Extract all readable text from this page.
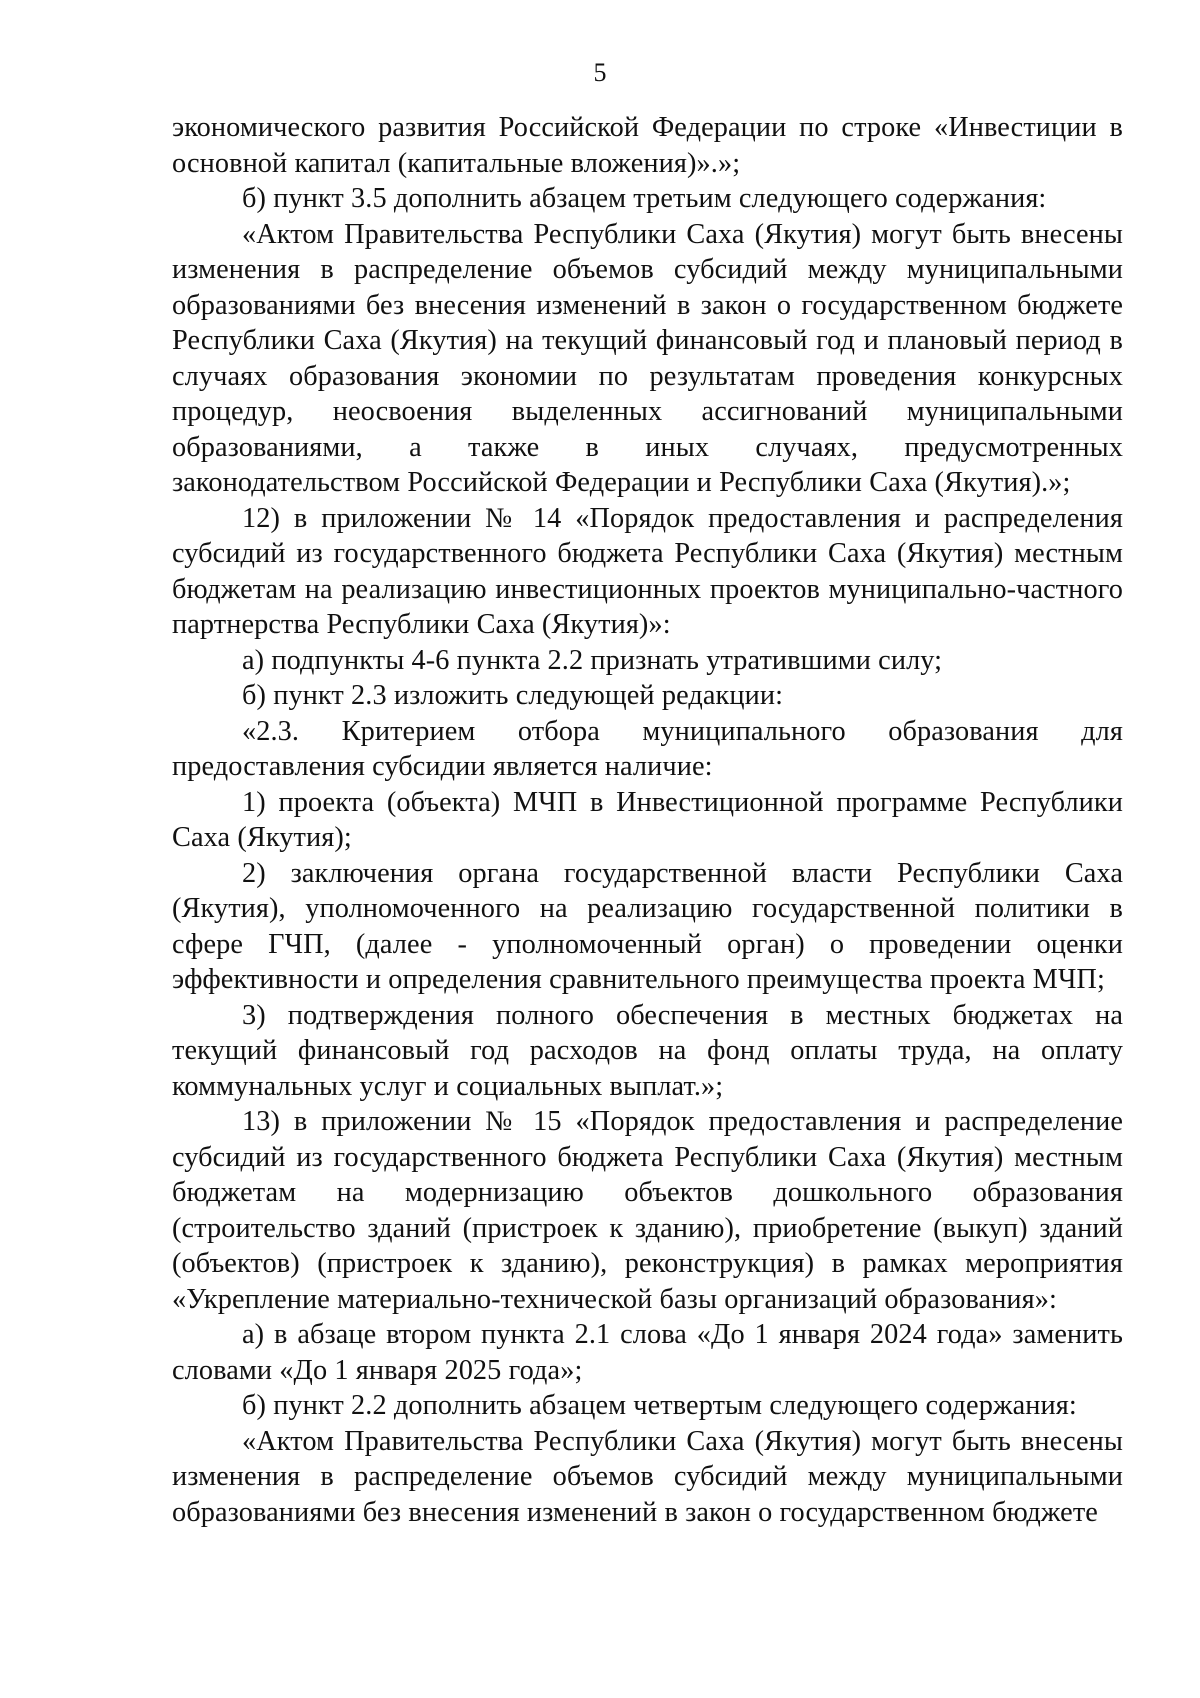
5

экономического развития Российской Федерации по строке «Инвестиции в основной капитал (капитальные вложения)».»;

б) пункт 3.5 дополнить абзацем третьим следующего содержания:

«Актом Правительства Республики Саха (Якутия) могут быть внесены изменения в распределение объемов субсидий между муниципальными образованиями без внесения изменений в закон о государственном бюджете Республики Саха (Якутия) на текущий финансовый год и плановый период в случаях образования экономии по результатам проведения конкурсных процедур, неосвоения выделенных ассигнований муниципальными образованиями, а также в иных случаях, предусмотренных законодательством Российской Федерации и Республики Саха (Якутия).»;

12) в приложении № 14 «Порядок предоставления и распределения субсидий из государственного бюджета Республики Саха (Якутия) местным бюджетам на реализацию инвестиционных проектов муниципально-частного партнерства Республики Саха (Якутия)»:

а) подпункты 4-6 пункта 2.2 признать утратившими силу;

б) пункт 2.3 изложить следующей редакции:

«2.3. Критерием отбора муниципального образования для предоставления субсидии является наличие:

1) проекта (объекта) МЧП в Инвестиционной программе Республики Саха (Якутия);

2) заключения органа государственной власти Республики Саха (Якутия), уполномоченного на реализацию государственной политики в сфере ГЧП, (далее - уполномоченный орган) о проведении оценки эффективности и определения сравнительного преимущества проекта МЧП;

3) подтверждения полного обеспечения в местных бюджетах на текущий финансовый год расходов на фонд оплаты труда, на оплату коммунальных услуг и социальных выплат.»;

13) в приложении № 15 «Порядок предоставления и распределение субсидий из государственного бюджета Республики Саха (Якутия) местным бюджетам на модернизацию объектов дошкольного образования (строительство зданий (пристроек к зданию), приобретение (выкуп) зданий (объектов) (пристроек к зданию), реконструкция) в рамках мероприятия «Укрепление материально-технической базы организаций образования»:

а) в абзаце втором пункта 2.1 слова «До 1 января 2024 года» заменить словами «До 1 января 2025 года»;

б) пункт 2.2 дополнить абзацем четвертым следующего содержания:

«Актом Правительства Республики Саха (Якутия) могут быть внесены изменения в распределение объемов субсидий между муниципальными образованиями без внесения изменений в закон о государственном бюджете
